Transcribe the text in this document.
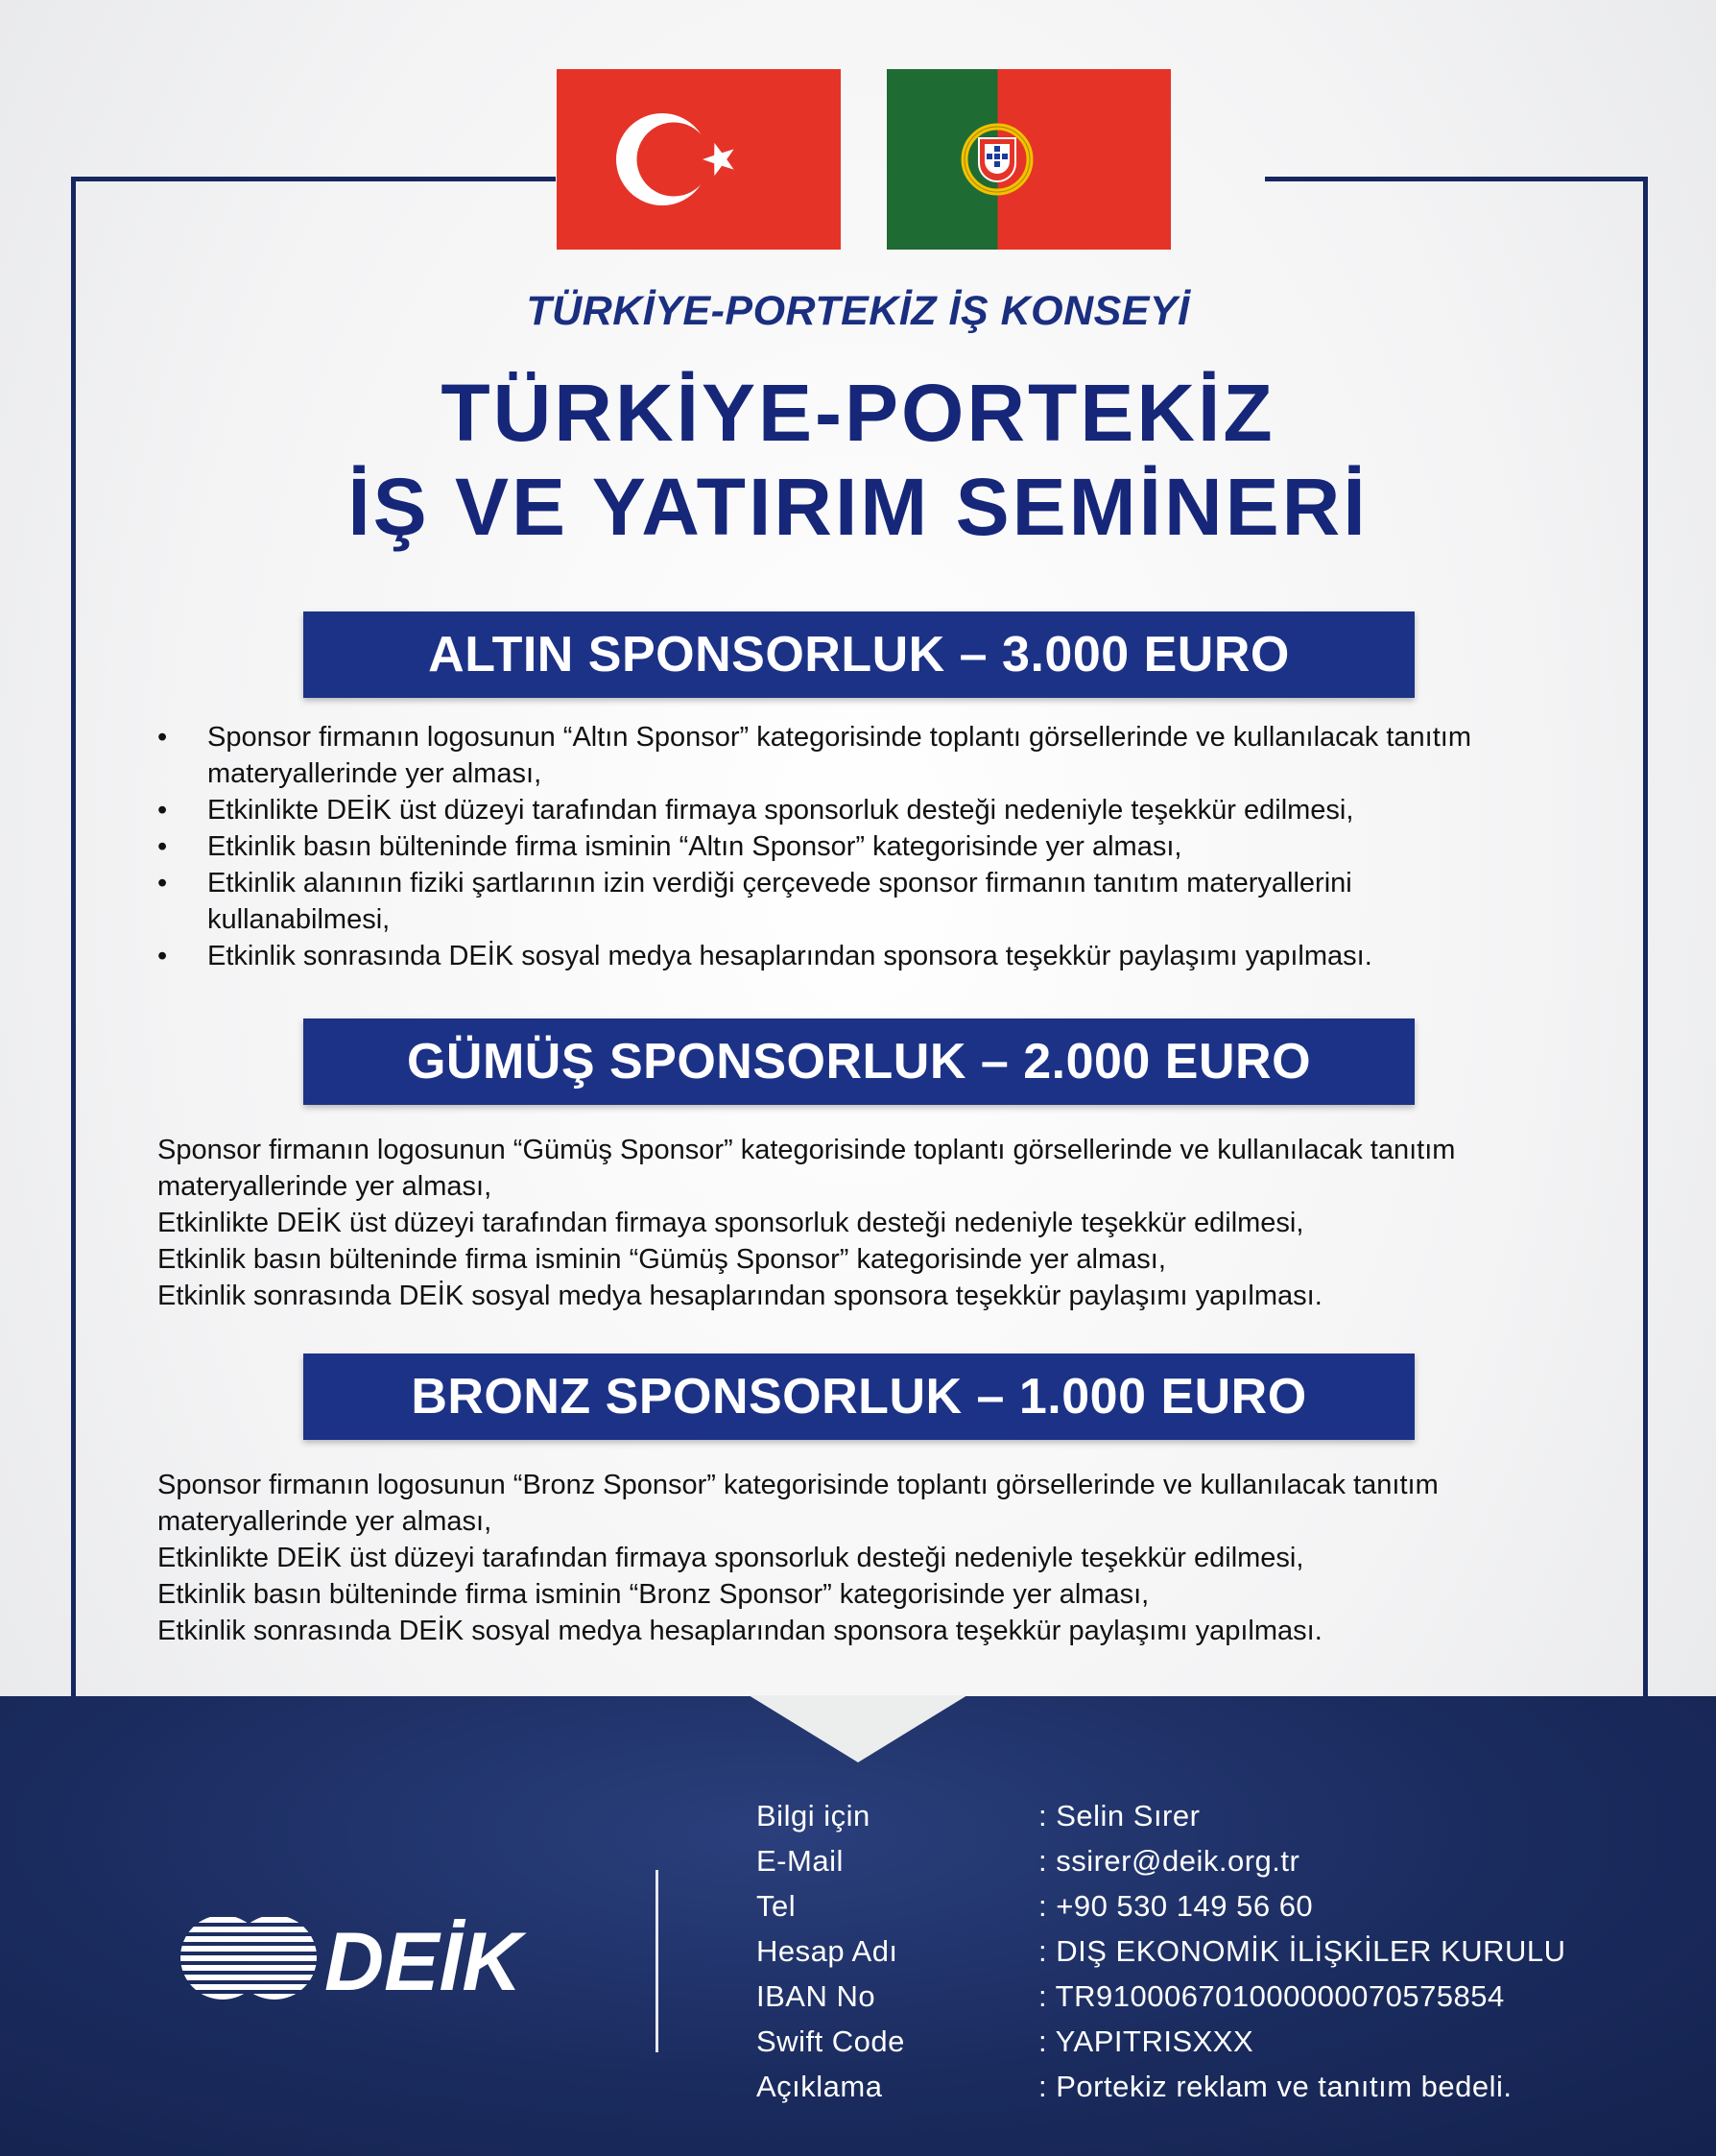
TÜRKİYE-PORTEKİZ İŞ KONSEYİ
TÜRKİYE-PORTEKİZ
İŞ VE YATIRIM SEMİNERİ
ALTIN SPONSORLUK – 3.000 EURO
• Sponsor firmanın logosunun “Altın Sponsor” kategorisinde toplantı görsellerinde ve kullanılacak tanıtım materyallerinde yer alması,
• Etkinlikte DEİK üst düzeyi tarafından firmaya sponsorluk desteği nedeniyle teşekkür edilmesi,
• Etkinlik basın bülteninde firma isminin “Altın Sponsor” kategorisinde yer alması,
• Etkinlik alanının fiziki şartlarının izin verdiği çerçevede sponsor firmanın tanıtım materyallerini kullanabilmesi,
• Etkinlik sonrasında DEİK sosyal medya hesaplarından sponsora teşekkür paylaşımı yapılması.
GÜMÜŞ SPONSORLUK – 2.000 EURO
Sponsor firmanın logosunun “Gümüş Sponsor” kategorisinde toplantı görsellerinde ve kullanılacak tanıtım materyallerinde yer alması,
Etkinlikte DEİK üst düzeyi tarafından firmaya sponsorluk desteği nedeniyle teşekkür edilmesi,
Etkinlik basın bülteninde firma isminin “Gümüş Sponsor” kategorisinde yer alması,
Etkinlik sonrasında DEİK sosyal medya hesaplarından sponsora teşekkür paylaşımı yapılması.
BRONZ SPONSORLUK – 1.000 EURO
Sponsor firmanın logosunun “Bronz Sponsor” kategorisinde toplantı görsellerinde ve kullanılacak tanıtım materyallerinde yer alması,
Etkinlikte DEİK üst düzeyi tarafından firmaya sponsorluk desteği nedeniyle teşekkür edilmesi,
Etkinlik basın bülteninde firma isminin “Bronz Sponsor” kategorisinde yer alması,
Etkinlik sonrasında DEİK sosyal medya hesaplarından sponsora teşekkür paylaşımı yapılması.
DEİK
Bilgi için
E-Mail
Tel
Hesap Adı
IBAN No
Swift Code
Açıklama
: Selin Sırer
: ssirer@deik.org.tr
: +90 530 149 56 60
: DIŞ EKONOMİK İLİŞKİLER KURULU
: TR910006701000000070575854
: YAPITRISXXX
: Portekiz reklam ve tanıtım bedeli.
